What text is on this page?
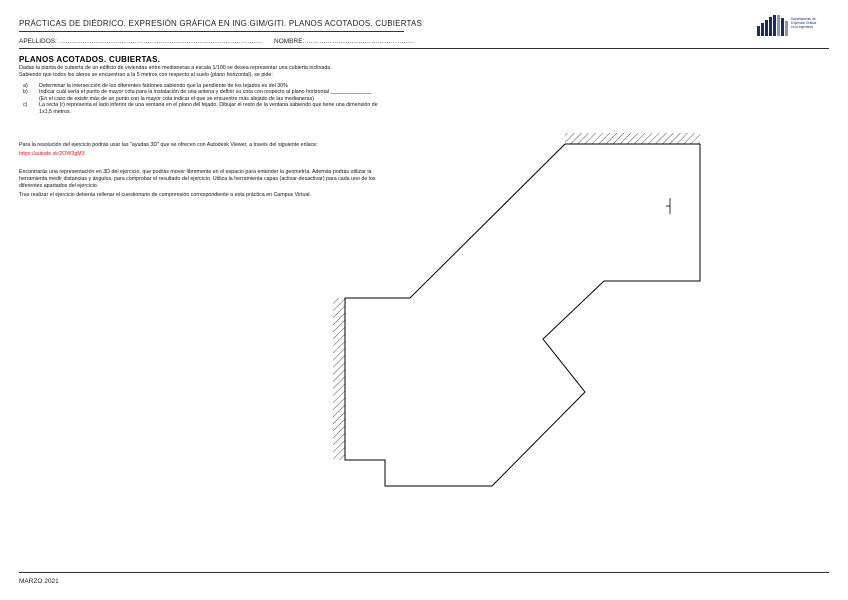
PRÁCTICAS DE DIÉDRICO. EXPRESIÓN GRÁFICA EN ING.GIM/GITI. PLANOS ACOTADOS. CUBIERTAS
APELLIDOS: …………………………………………………………………………………. NOMBRE: …………………………………………..
Departamento de
Expresión Gráfica
en la Ingeniería
PLANOS ACOTADOS. CUBIERTAS.
Dadas la planta de cubierta de un edificio de viviendas entre medianeras a escala 1/100 se desea representar una cubierta inclinada.
Sabiendo que todos los aleros se encuentran a la 5 metros con respecto al suelo (plano horizontal), se pide:
a) Determinar la intersección de los diferentes faldones sabiendo que la pendiente de los tejados es del 30%
b) Indicar cuál sería el punto de mayor cota para la instalación de una antena y definir su cota con respecto al plano horizontal ______________
(En el caso de existir más de un punto con la mayor cota indicar el que se encuentre más alejado de las medianeras)
c) La recta (r) representa el lado inferior de una ventana en el plano del tejado. Dibujar el resto de la ventana sabiendo que tiene una dimensión de
1x1,5 metros.
Para la resolución del ejercicio podrás usar las "ayudas 3D" que se ofrecen con Autodesk Viewer, a través del siguiente enlace:
https://autode.sk/2OW3gM3
Encontrarás una representación en 3D del ejercicio, que podrás mover libremente en el espacio para entender la geometría. Además podrás utilizar la
herramienta medir distancias y ángulos, para comprobar el resultado del ejercicio. Utiliza la herramienta capas (activar-desactivar) para cada uno de los
diferentes apartados del ejercicio.
Tras realizar el ejercicio deberás rellenar el cuestionario de comprensión correspondiente a esta práctica en Campus Virtual.
MARZO 2021
